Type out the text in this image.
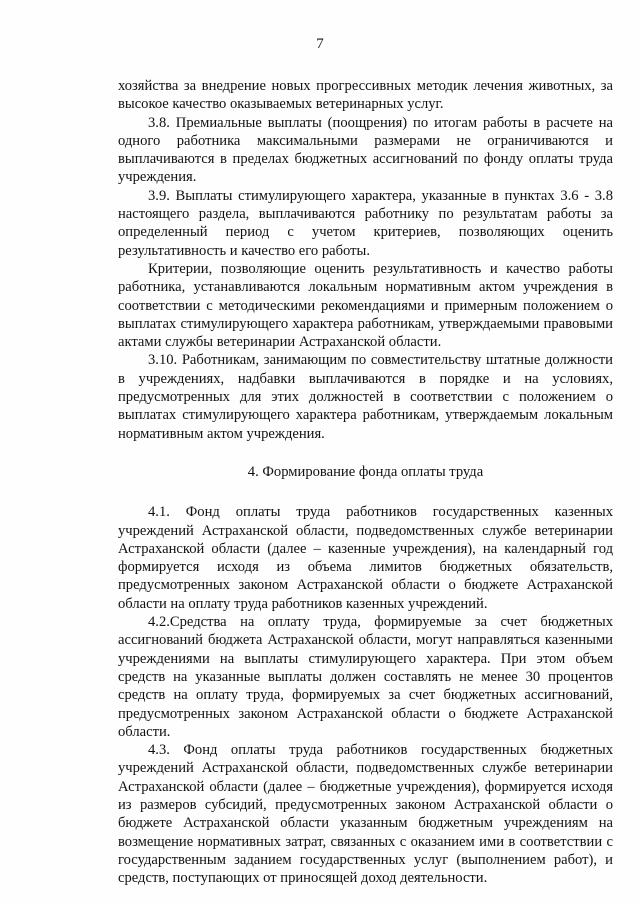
7

хозяйства за внедрение новых прогрессивных методик лечения животных, за высокое качество оказываемых ветеринарных услуг.

3.8. Премиальные выплаты (поощрения) по итогам работы в расчете на одного работника максимальными размерами не ограничиваются и выплачиваются в пределах бюджетных ассигнований по фонду оплаты труда учреждения.

3.9. Выплаты стимулирующего характера, указанные в пунктах 3.6 - 3.8 настоящего раздела, выплачиваются работнику по результатам работы за определенный период с учетом критериев, позволяющих оценить результативность и качество его работы.

Критерии, позволяющие оценить результативность и качество работы работника, устанавливаются локальным нормативным актом учреждения в соответствии с методическими рекомендациями и примерным положением о выплатах стимулирующего характера работникам, утверждаемыми правовыми актами службы ветеринарии Астраханской области.

3.10. Работникам, занимающим по совместительству штатные должности в учреждениях, надбавки выплачиваются в порядке и на условиях, предусмотренных для этих должностей в соответствии с положением о выплатах стимулирующего характера работникам, утверждаемым локальным нормативным актом учреждения.

4. Формирование фонда оплаты труда

4.1. Фонд оплаты труда работников государственных казенных учреждений Астраханской области, подведомственных службе ветеринарии Астраханской области (далее – казенные учреждения), на календарный год формируется исходя из объема лимитов бюджетных обязательств, предусмотренных законом Астраханской области о бюджете Астраханской области на оплату труда работников казенных учреждений.

4.2.Средства на оплату труда, формируемые за счет бюджетных ассигнований бюджета Астраханской области, могут направляться казенными учреждениями на выплаты стимулирующего характера. При этом объем средств на указанные выплаты должен составлять не менее 30 процентов средств на оплату труда, формируемых за счет бюджетных ассигнований, предусмотренных законом Астраханской области о бюджете Астраханской области.

4.3. Фонд оплаты труда работников государственных бюджетных учреждений Астраханской области, подведомственных службе ветеринарии Астраханской области (далее – бюджетные учреждения), формируется исходя из размеров субсидий, предусмотренных законом Астраханской области о бюджете Астраханской области указанным бюджетным учреждениям на возмещение нормативных затрат, связанных с оказанием ими в соответствии с государственным заданием государственных услуг (выполнением работ), и средств, поступающих от приносящей доход деятельности.
